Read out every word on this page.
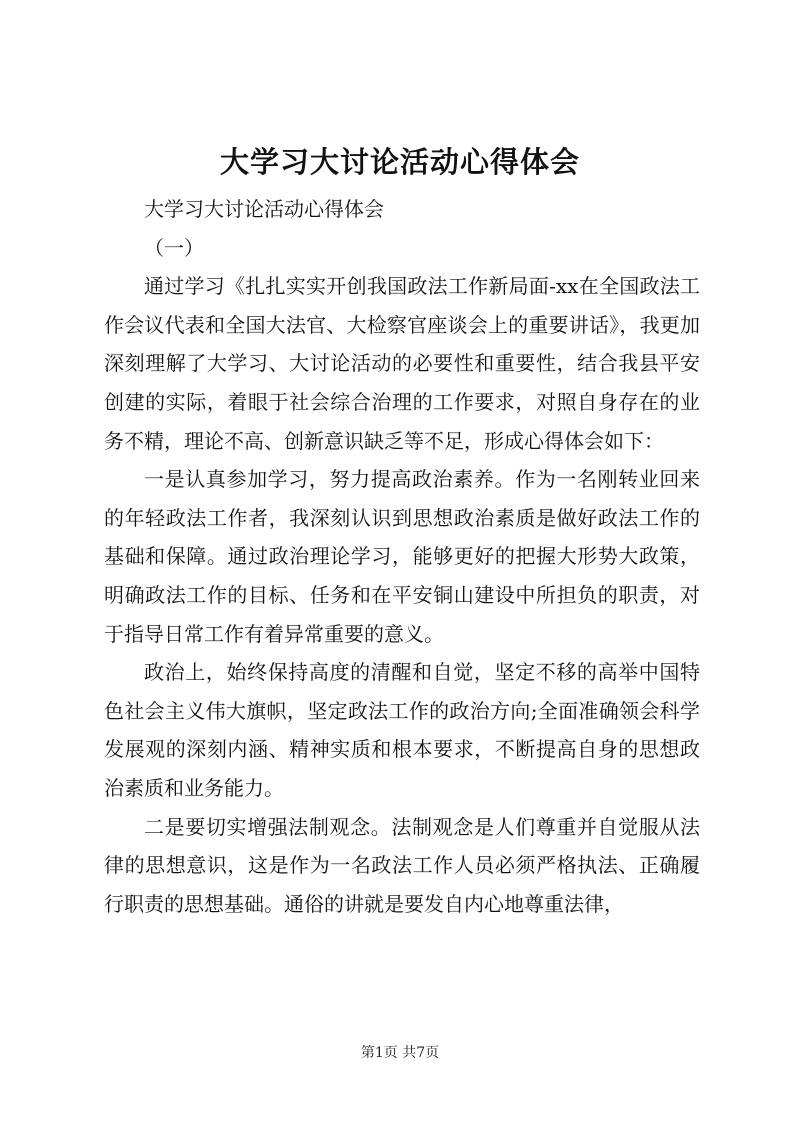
大学习大讨论活动心得体会

大学习大讨论活动心得体会

（一）

通过学习《扎扎实实开创我国政法工作新局面-xx在全国政法工作会议代表和全国大法官、大检察官座谈会上的重要讲话》，我更加深刻理解了大学习、大讨论活动的必要性和重要性，结合我县平安创建的实际，着眼于社会综合治理的工作要求，对照自身存在的业务不精，理论不高、创新意识缺乏等不足，形成心得体会如下：

一是认真参加学习，努力提高政治素养。作为一名刚转业回来的年轻政法工作者，我深刻认识到思想政治素质是做好政法工作的基础和保障。通过政治理论学习，能够更好的把握大形势大政策，明确政法工作的目标、任务和在平安铜山建设中所担负的职责，对于指导日常工作有着异常重要的意义。

政治上，始终保持高度的清醒和自觉，坚定不移的高举中国特色社会主义伟大旗帜，坚定政法工作的政治方向;全面准确领会科学发展观的深刻内涵、精神实质和根本要求，不断提高自身的思想政治素质和业务能力。

二是要切实增强法制观念。法制观念是人们尊重并自觉服从法律的思想意识，这是作为一名政法工作人员必须严格执法、正确履行职责的思想基础。通俗的讲就是要发自内心地尊重法律，

第1页 共7页
